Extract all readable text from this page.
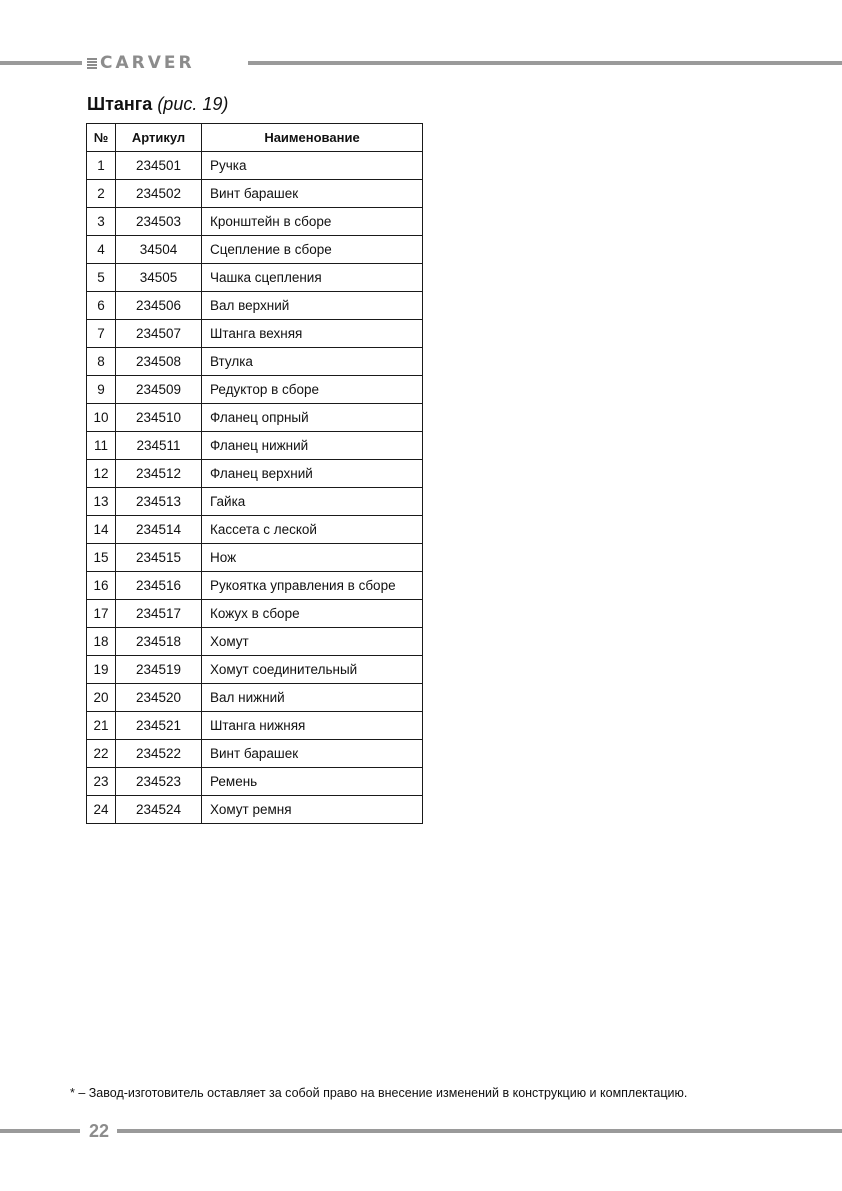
CARVER
Штанга (рис. 19)
№	Артикул	Наименование
1	234501	Ручка
2	234502	Винт барашек
3	234503	Кронштейн в сборе
4	34504	Сцепление в сборе
5	34505	Чашка сцепления
6	234506	Вал верхний
7	234507	Штанга вехняя
8	234508	Втулка
9	234509	Редуктор в сборе
10	234510	Фланец опрный
11	234511	Фланец нижний
12	234512	Фланец верхний
13	234513	Гайка
14	234514	Кассета с леской
15	234515	Нож
16	234516	Рукоятка управления в сборе
17	234517	Кожух в сборе
18	234518	Хомут
19	234519	Хомут соединительный
20	234520	Вал нижний
21	234521	Штанга нижняя
22	234522	Винт барашек
23	234523	Ремень
24	234524	Хомут ремня
* – Завод-изготовитель оставляет за собой право на внесение изменений в конструкцию и комплектацию.
22
